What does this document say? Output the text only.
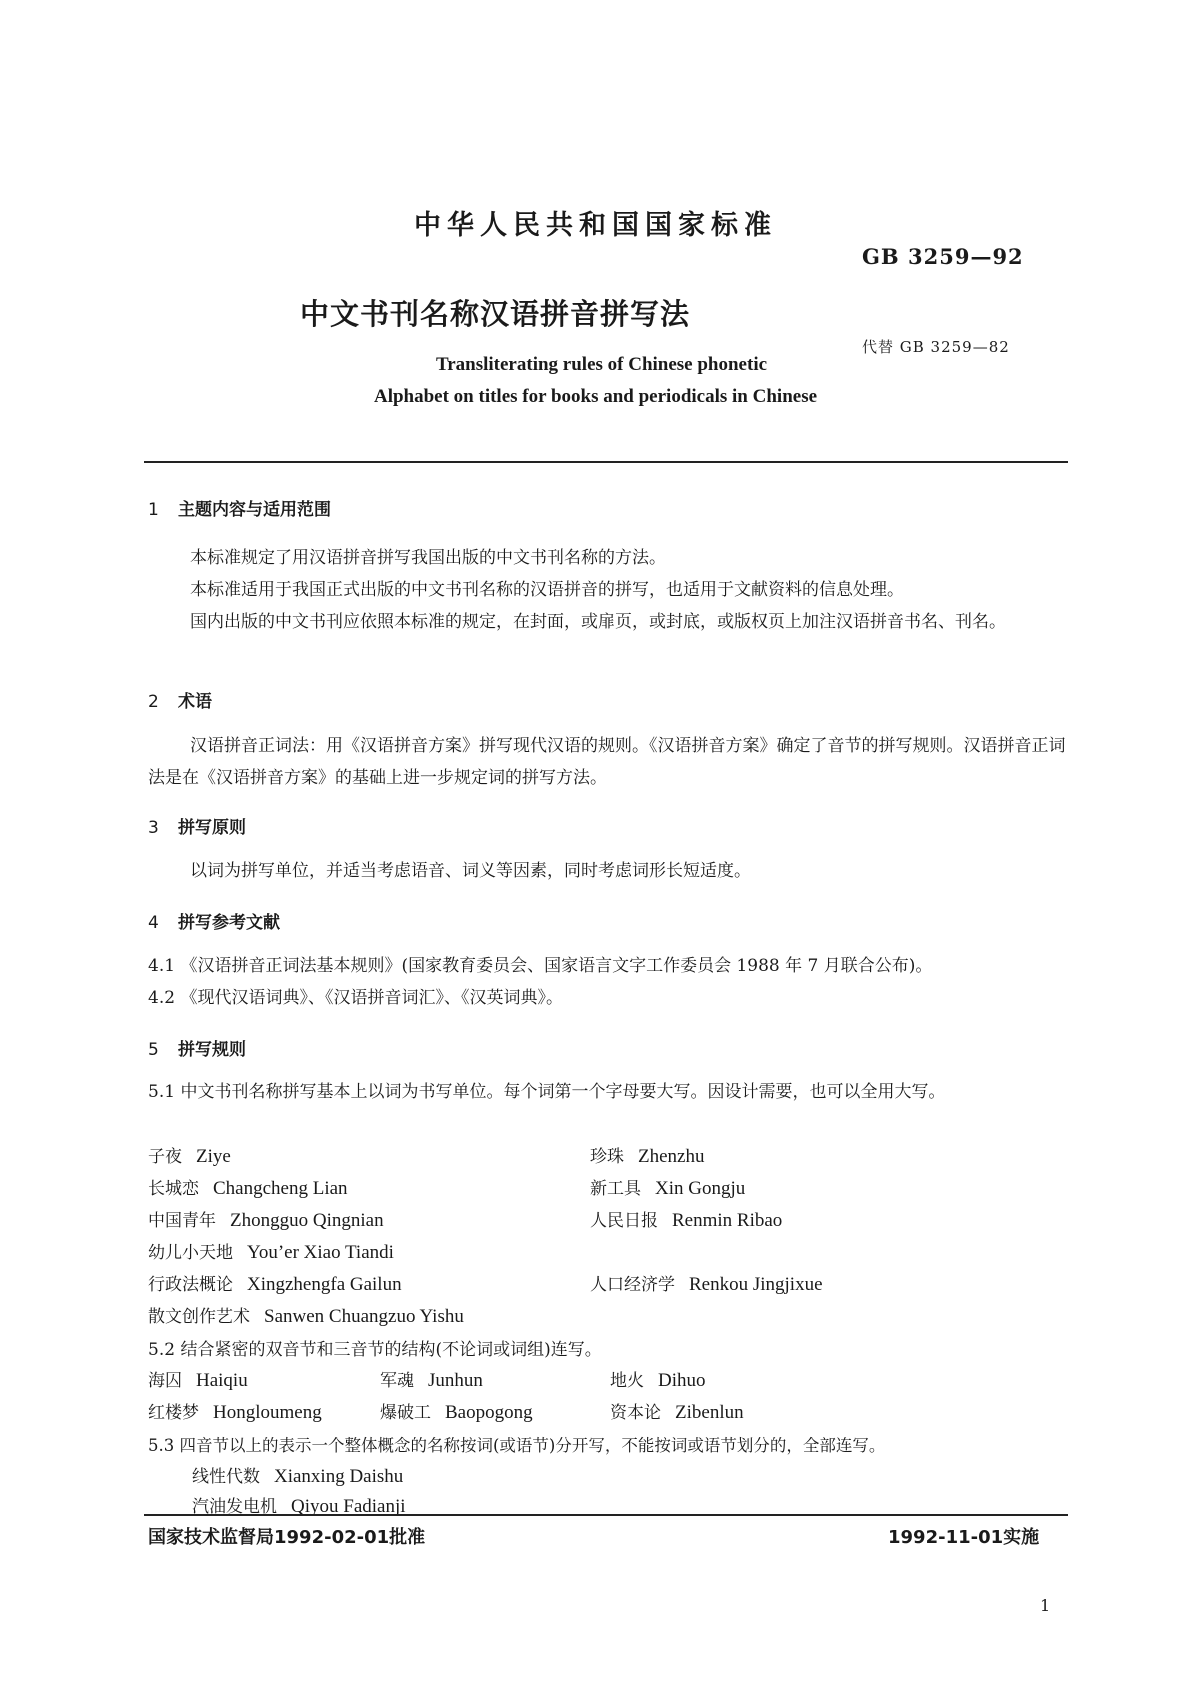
中华人民共和国国家标准
GB 3259—92
中文书刊名称汉语拼音拼写法
代替 GB 3259—82
Transliterating rules of Chinese phonetic
Alphabet on titles for books and periodicals in Chinese
1 主题内容与适用范围
本标准规定了用汉语拼音拼写我国出版的中文书刊名称的方法。
本标准适用于我国正式出版的中文书刊名称的汉语拼音的拼写，也适用于文献资料的信息处理。
国内出版的中文书刊应依照本标准的规定，在封面，或扉页，或封底，或版权页上加注汉语拼音书名、刊名。
2 术语
汉语拼音正词法：用《汉语拼音方案》拼写现代汉语的规则。《汉语拼音方案》确定了音节的拼写规则。汉语拼音正词法是在《汉语拼音方案》的基础上进一步规定词的拼写方法。
3 拼写原则
以词为拼写单位，并适当考虑语音、词义等因素，同时考虑词形长短适度。
4 拼写参考文献
4.1 《汉语拼音正词法基本规则》(国家教育委员会、国家语言文字工作委员会 1988 年 7 月联合公布)。
4.2 《现代汉语词典》、《汉语拼音词汇》、《汉英词典》。
5 拼写规则
5.1 中文书刊名称拼写基本上以词为书写单位。每个词第一个字母要大写。因设计需要，也可以全用大写。
子夜 Ziye	珍珠 Zhenzhu
长城恋 Changcheng Lian	新工具 Xin Gongju
中国青年 Zhongguo Qingnian	人民日报 Renmin Ribao
幼儿小天地 You’er Xiao Tiandi
行政法概论 Xingzhengfa Gailun	人口经济学 Renkou Jingjixue
散文创作艺术 Sanwen Chuangzuo Yishu
5.2 结合紧密的双音节和三音节的结构(不论词或词组)连写。
海囚 Haiqiu	军魂 Junhun	地火 Dihuo
红楼梦 Hongloumeng	爆破工 Baopogong	资本论 Zibenlun
5.3 四音节以上的表示一个整体概念的名称按词(或语节)分开写，不能按词或语节划分的，全部连写。
线性代数 Xianxing Daishu
汽油发电机 Qiyou Fadianji
国家技术监督局1992-02-01批准	1992-11-01实施
1
